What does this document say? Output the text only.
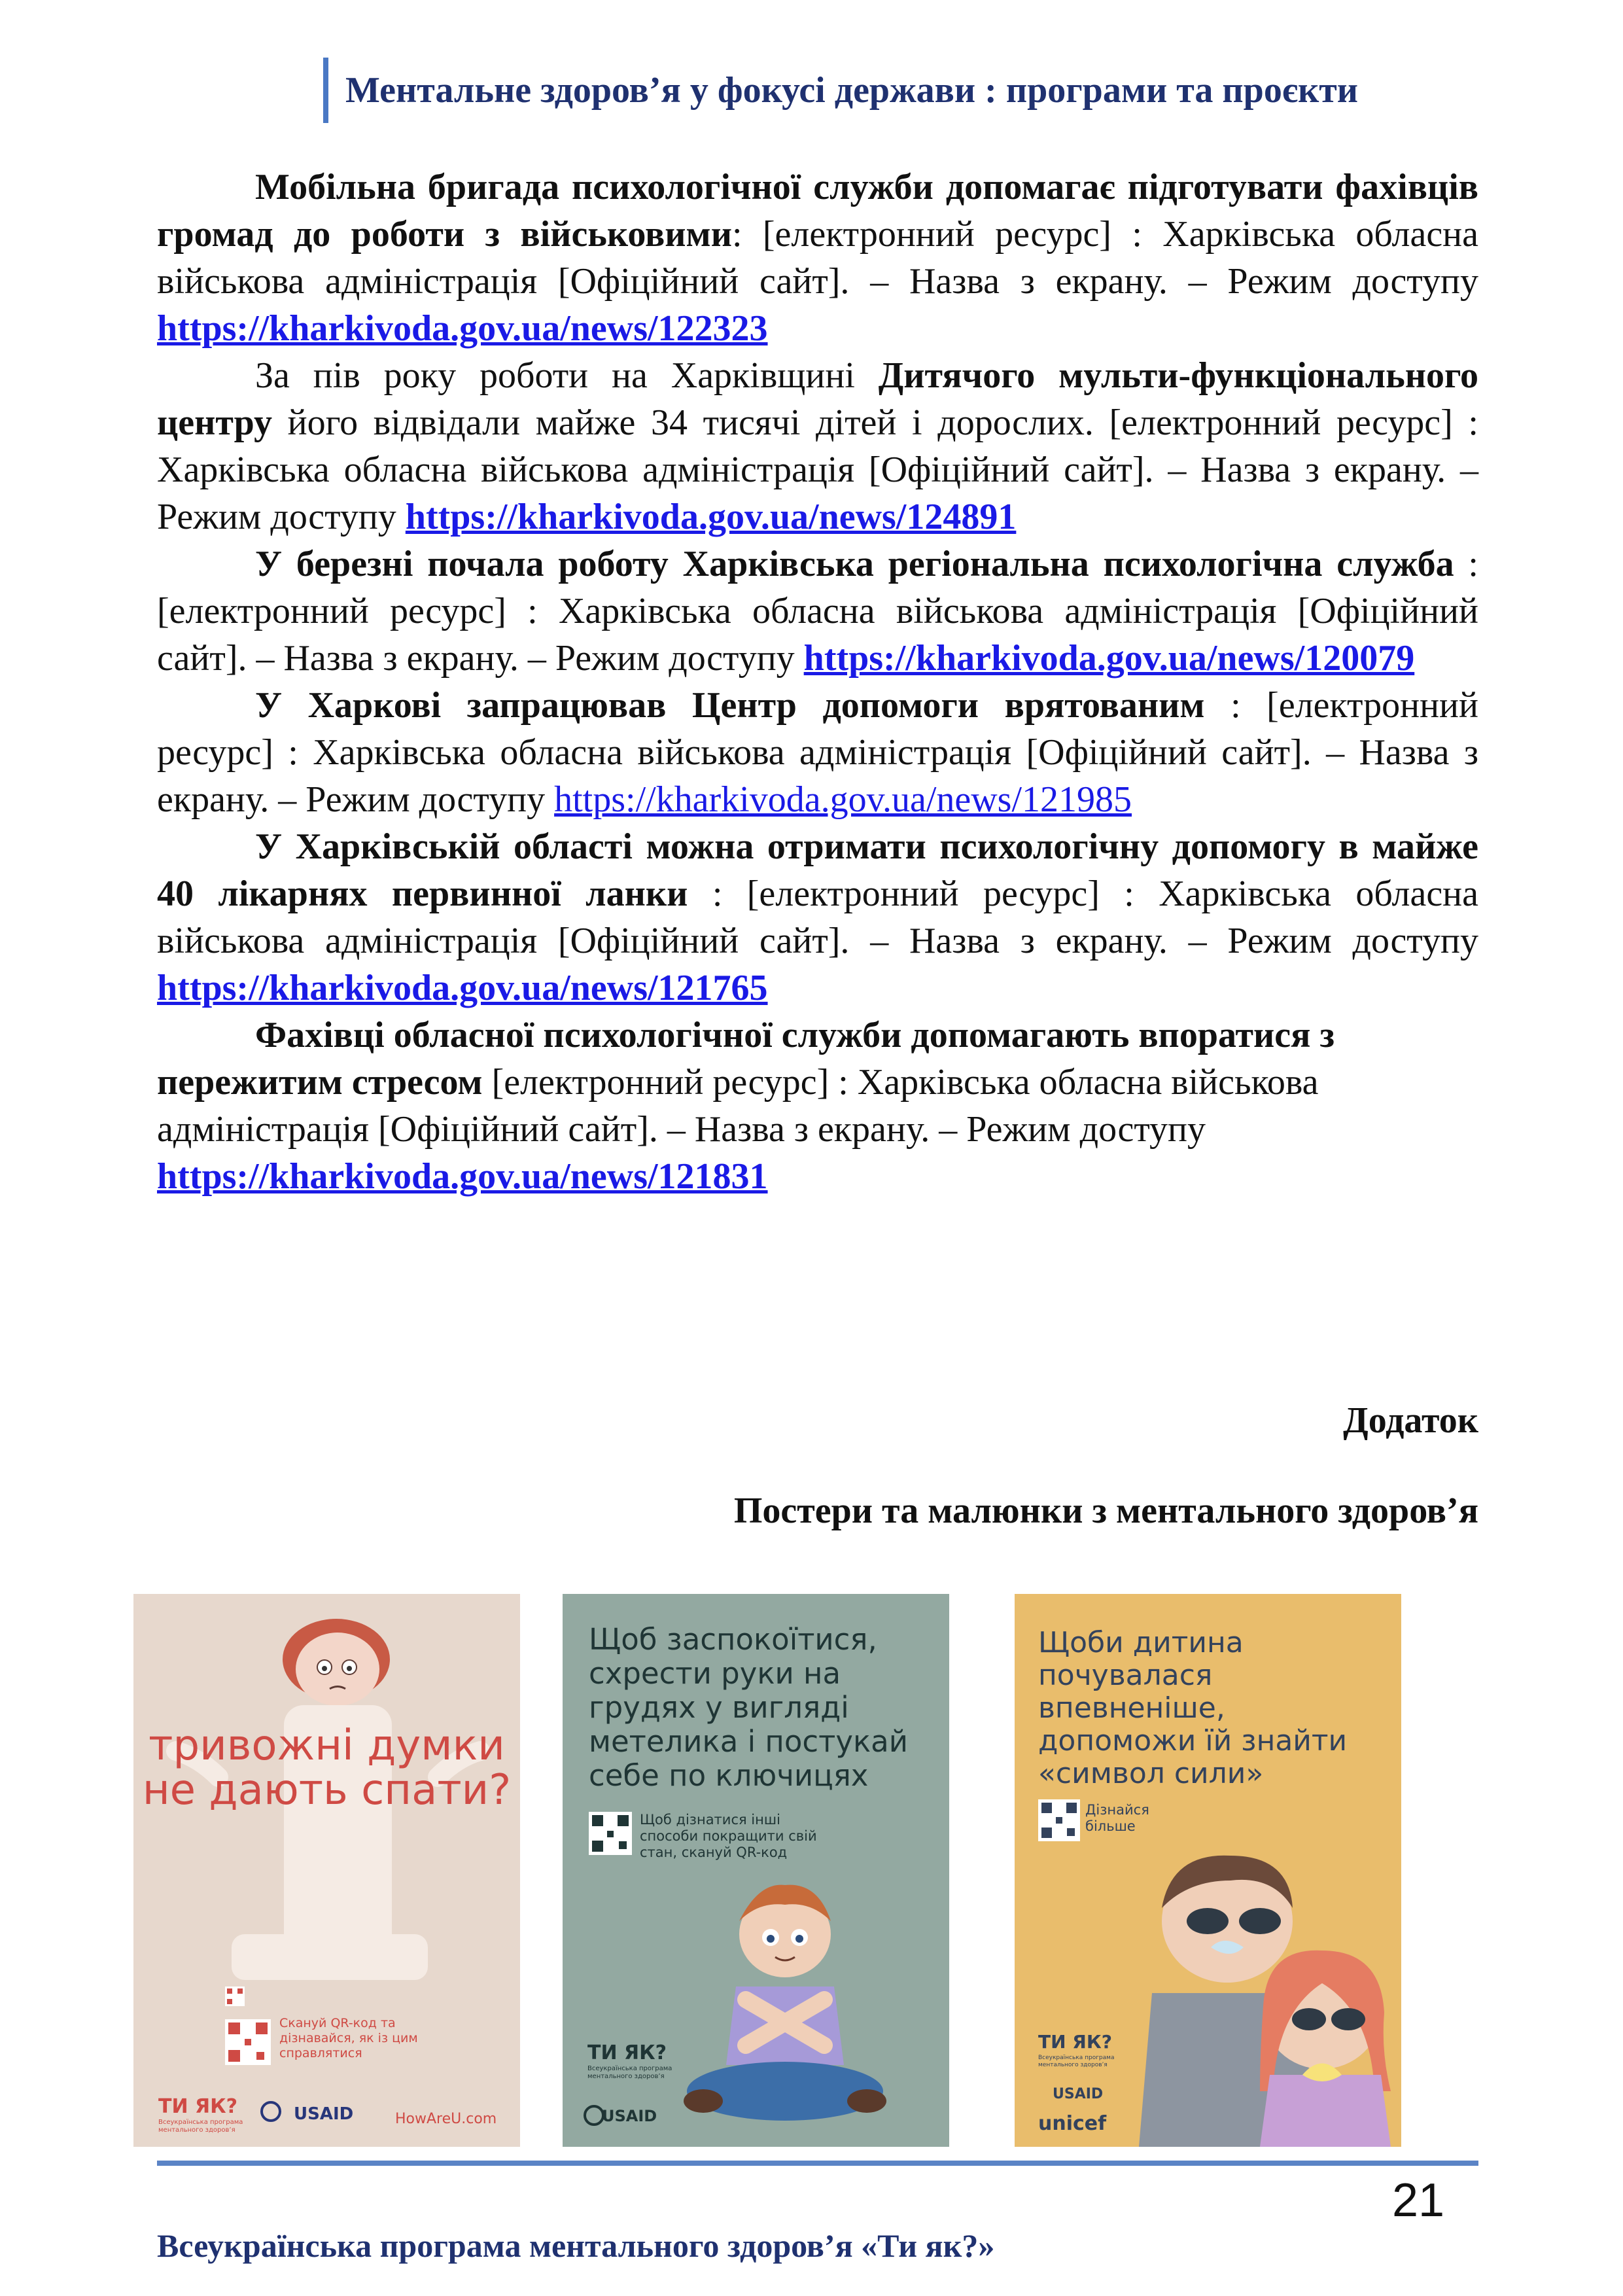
Ментальне здоров’я у фокусі держави : програми та проєкти

Мобільна бригада психологічної служби допомагає підготувати фахівців громад до роботи з військовими: [електронний ресурс] : Харківська обласна військова адміністрація [Офіційний сайт]. – Назва з екрану. – Режим доступу https://kharkivoda.gov.ua/news/122323

За пів року роботи на Харківщині Дитячого мульти-функціонального центру його відвідали майже 34 тисячі дітей і дорослих. [електронний ресурс] : Харківська обласна військова адміністрація [Офіційний сайт]. – Назва з екрану. – Режим доступу https://kharkivoda.gov.ua/news/124891

У березні почала роботу Харківська регіональна психологічна служба : [електронний ресурс] : Харківська обласна військова адміністрація [Офіційний сайт]. – Назва з екрану. – Режим доступу https://kharkivoda.gov.ua/news/120079

У Харкові запрацював Центр допомоги врятованим : [електронний ресурс] : Харківська обласна військова адміністрація [Офіційний сайт]. – Назва з екрану. – Режим доступу https://kharkivoda.gov.ua/news/121985

У Харківській області можна отримати психологічну допомогу в майже 40 лікарнях первинної ланки : [електронний ресурс] : Харківська обласна військова адміністрація [Офіційний сайт]. – Назва з екрану. – Режим доступу https://kharkivoda.gov.ua/news/121765

Фахівці обласної психологічної служби допомагають впоратися з пережитим стресом [електронний ресурс] : Харківська обласна військова адміністрація [Офіційний сайт]. – Назва з екрану. – Режим доступу https://kharkivoda.gov.ua/news/121831

Додаток
Постери та малюнки з ментального здоров’я
тривожні думки не дають спати?
Скануй QR-код та дізнавайся, як із цим справлятися
ТИ ЯК?
Всеукраїнська програма ментального здоров’я
USAID	HowAreU.com
Щоб заспокоїтися, схрести руки на грудях у вигляді метелика і постукай себе по ключицях
Щоб дізнатися інші способи покращити свій стан, скануй QR-код
ТИ ЯК?
Всеукраїнська програма ментального здоров’я
USAID
Щоби дитина почувалася впевненіше, допоможи їй знайти «символ сили»
Дізнайся більше
ТИ ЯК?
Всеукраїнська програма ментального здоров’я
USAID
unicef
21
Всеукраїнська програма ментального здоров’я «Ти як?»
